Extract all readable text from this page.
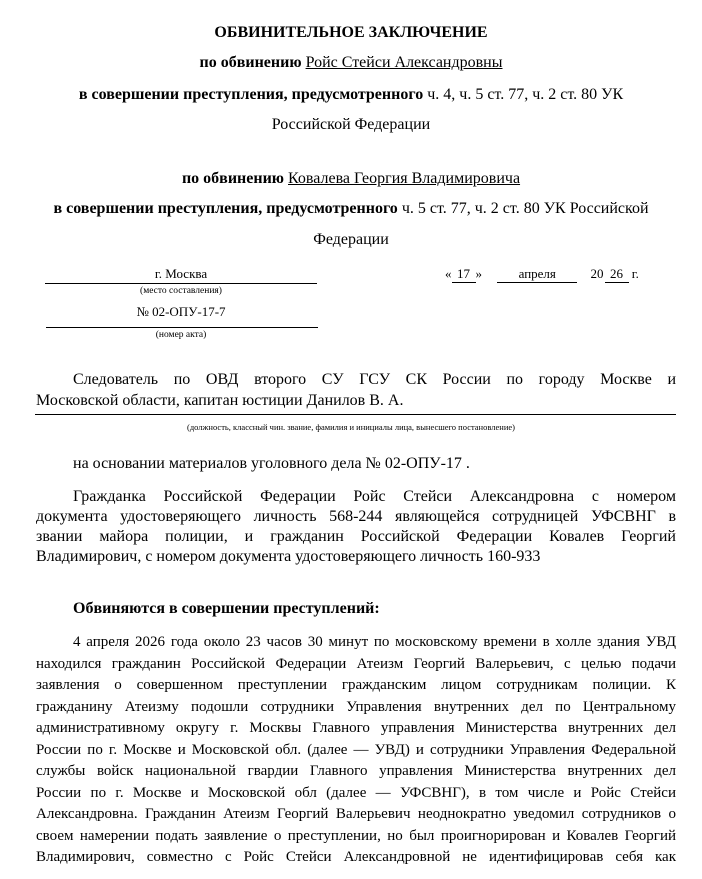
ОБВИНИТЕЛЬНОЕ ЗАКЛЮЧЕНИЕ
по обвинению Ройс Стейси Александровны
в совершении преступления, предусмотренного ч. 4, ч. 5 ст. 77, ч. 2 ст. 80 УК
Российской Федерации
по обвинению Ковалева Георгия Владимировича
в совершении преступления, предусмотренного ч. 5 ст. 77, ч. 2 ст. 80 УК Российской
Федерации
г. Москва
(место составления)
№ 02-ОПУ-17-7
(номер акта)
« 17 »	апреля	20 26 г.
Следователь по ОВД второго СУ ГСУ СК России по городу Москве и
Московской области, капитан юстиции Данилов В. А.
(должность, классный чин. звание, фамилия и инициалы лица, вынесшего постановление)
на основании материалов уголовного дела № 02-ОПУ-17 .
Гражданка Российской Федерации Ройс Стейси Александровна с номером
документа удостоверяющего личность 568-244 являющейся сотрудницей УФСВНГ в
звании майора полиции, и гражданин Российской Федерации Ковалев Георгий
Владимирович, с номером документа удостоверяющего личность 160-933
Обвиняются в совершении преступлений:
4 апреля 2026 года около 23 часов 30 минут по московскому времени в холле здания УВД
находился гражданин Российской Федерации Атеизм Георгий Валерьевич, с целью подачи
заявления о совершенном преступлении гражданским лицом сотрудникам полиции. К
гражданину Атеизму подошли сотрудники Управления внутренних дел по Центральному
административному округу г. Москвы Главного управления Министерства внутренних дел
России по г. Москве и Московской обл. (далее — УВД) и сотрудники Управления Федеральной
службы войск национальной гвардии Главного управления Министерства внутренних дел
России по г. Москве и Московской обл (далее — УФСВНГ), в том числе и Ройс Стейси
Александровна. Гражданин Атеизм Георгий Валерьевич неоднократно уведомил сотрудников о
своем намерении подать заявление о преступлении, но был проигнорирован и Ковалев Георгий
Владимирович, совместно с Ройс Стейси Александровной не идентифицировав себя как
